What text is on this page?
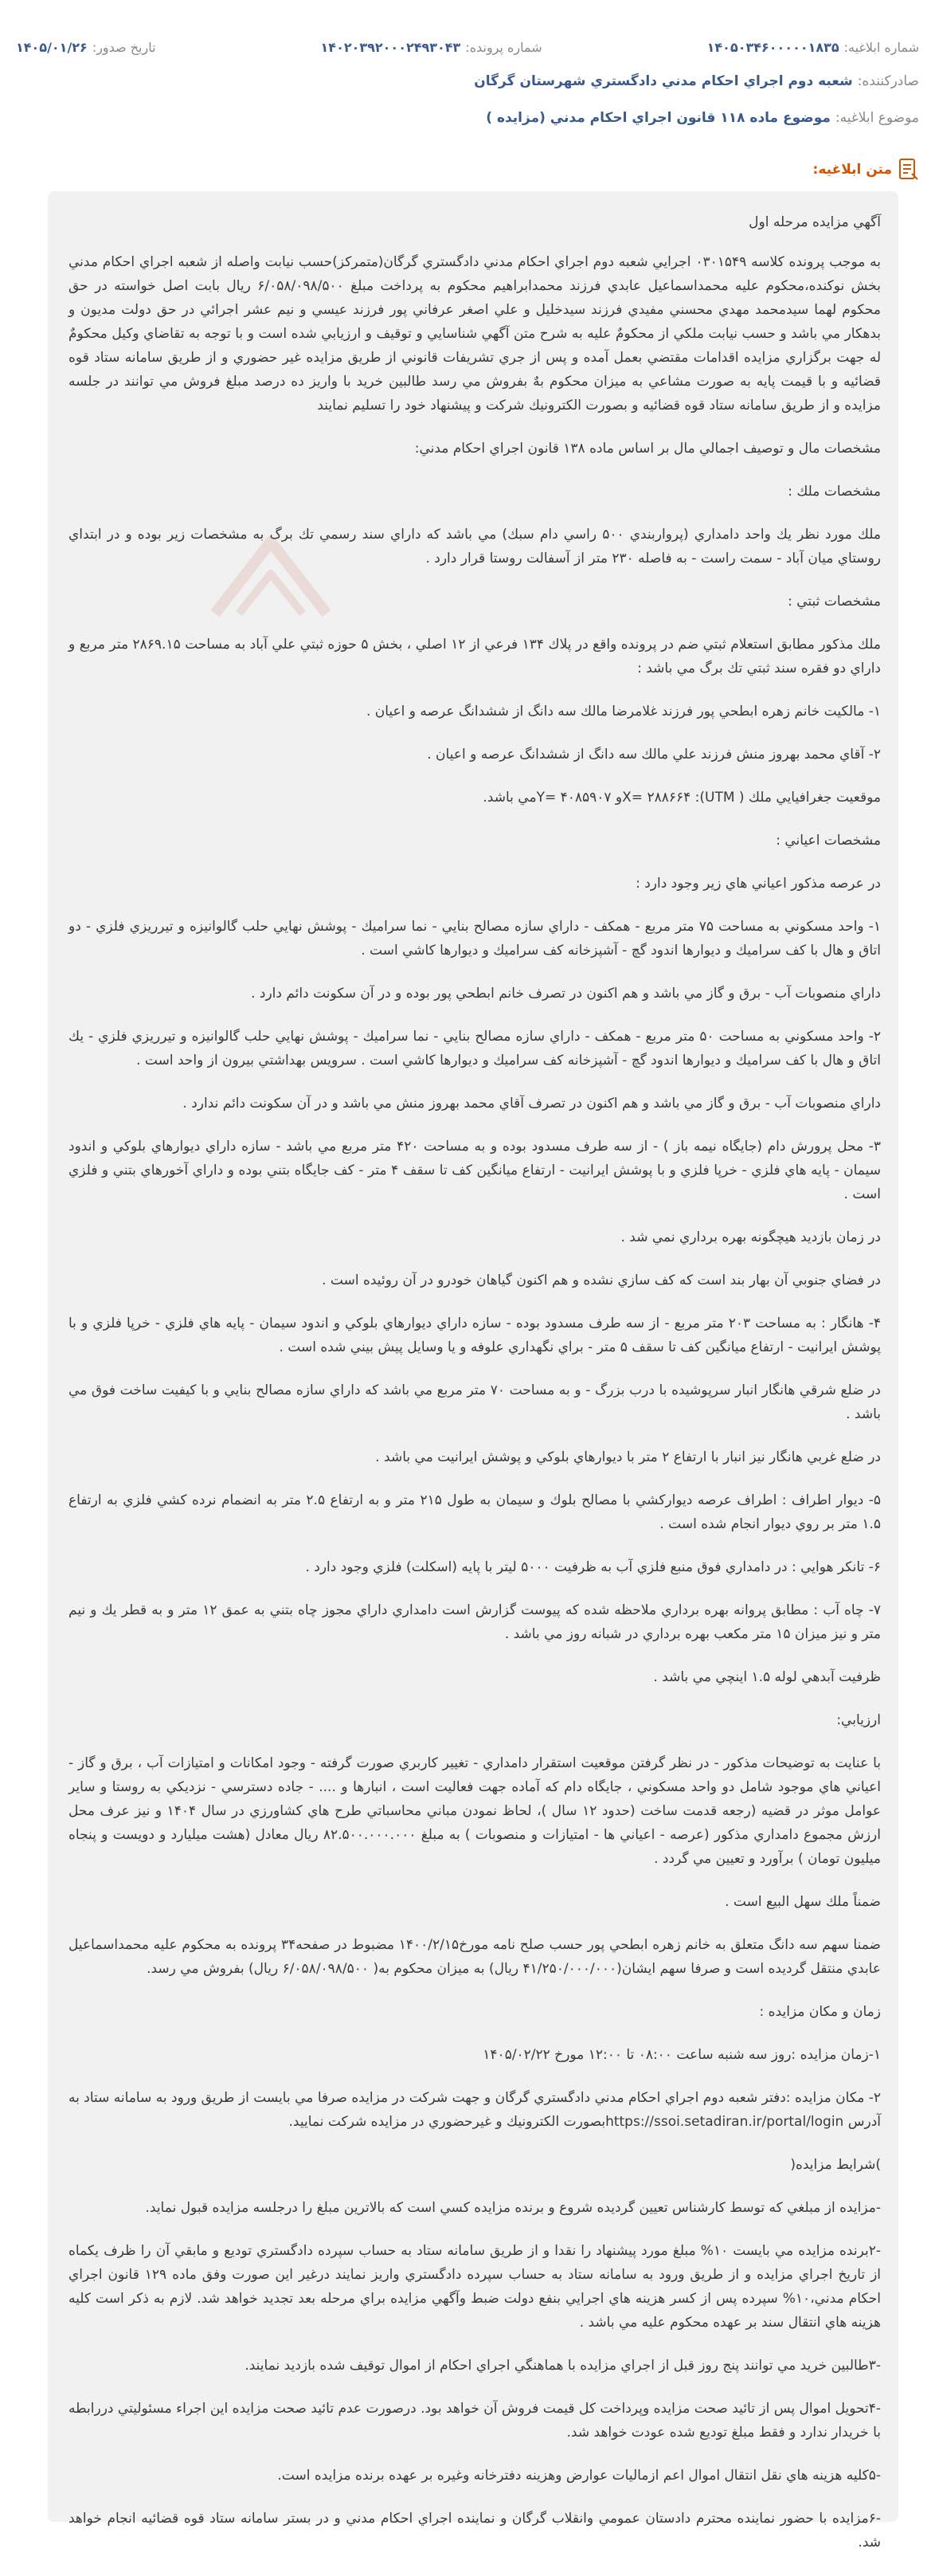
شماره ابلاغیه:۱۴۰۵۰۳۴۶۰۰۰۰۰۱۸۳۵
شماره پرونده:۱۴۰۲۰۳۹۲۰۰۰۲۴۹۳۰۴۳
تاریخ صدور:۱۴۰۵/۰۱/۲۶
صادرکننده:شعبه دوم اجراي احكام مدني دادگستري شهرستان گرگان
موضوع ابلاغیه:موضوع ماده ۱۱۸ قانون اجراي احكام مدني (مزايده )
متن ابلاغیه:

آگهي مزايده مرحله اول

به موجب پرونده کلاسه ۰۳۰۱۵۴۹ اجرايي شعبه دوم اجراي احكام مدني دادگستري گرگان(متمركز)حسب نيابت واصله از شعبه اجراي احكام مدني بخش نوكنده،محكوم عليه محمداسماعيل عابدي فرزند محمدابراهيم محكوم به پرداخت مبلغ ۶/۰۵۸/۰۹۸/۵۰۰ ريال بابت اصل خواسته در حق محكوم لهما سيدمحمد مهدي محسني مفيدي فرزند سيدخليل و علي اصغر عرفاني پور فرزند عيسي و نيم عشر اجرائي در حق دولت مديون و بدهكار مي باشد و حسب نيابت ملكي از محكومٌ عليه به شرح متن آگهي شناسايي و توقيف و ارزيابي شده است و با توجه به تقاضاي وكيل محكومٌ له جهت برگزاري مزايده اقدامات مقتضي بعمل آمده و پس از جري تشريفات قانوني از طريق مزايده غير حضوري و از طريق سامانه ستاد قوه قضائيه و با قيمت پايه به صورت مشاعي به ميزان محكوم بهٌ بفروش مي رسد طالبين خريد با واريز ده درصد مبلغ فروش مي توانند در جلسه مزايده و از طريق سامانه ستاد قوه قضائيه و بصورت الكترونيك شركت و پيشنهاد خود را تسليم نمايند

مشخصات مال و توصيف اجمالي مال بر اساس ماده ۱۳۸ قانون اجراي احكام مدني:

مشخصات ملك :

ملك مورد نظر يك واحد دامداري (پرواربندي ۵۰۰ راسي دام سبك) مي باشد كه داراي سند رسمي تك برگ به مشخصات زير بوده و در ابتداي روستاي ميان آباد - سمت راست - به فاصله ۲۳۰ متر از آسفالت روستا قرار دارد .

مشخصات ثبتي :

ملك مذكور مطابق استعلام ثبتي ضم در پرونده واقع در پلاك ۱۳۴ فرعي از ۱۲ اصلي ، بخش ۵ حوزه ثبتي علي آباد به مساحت ۲۸۶۹.۱۵ متر مربع و داراي دو فقره سند ثبتي تك برگ مي باشد :

۱- مالكيت خانم زهره ابطحي پور فرزند غلامرضا مالك سه دانگ از ششدانگ عرصه و اعيان .

۲- آقاي محمد بهروز منش فرزند علي مالك سه دانگ از ششدانگ عرصه و اعيان .

موقعيت جغرافيايي ملك ( X= ۲۸۸۶۶۴ :(UTMو ۴۰۸۵۹۰۷ =Yمي باشد.

مشخصات اعياني :

در عرصه مذكور اعياني هاي زير وجود دارد :

۱- واحد مسكوني به مساحت ۷۵ متر مربع - همكف - داراي سازه مصالح بنايي - نما سراميك - پوشش نهايي حلب گالوانيزه و تيرريزي فلزي - دو اتاق و هال با كف سراميك و ديوارها اندود گچ - آشپزخانه كف سراميك و ديوارها كاشي است .

داراي منصوبات آب - برق و گاز مي باشد و هم اكنون در تصرف خانم ابطحي پور بوده و در آن سكونت دائم دارد .

۲- واحد مسكوني به مساحت ۵۰ متر مربع - همكف - داراي سازه مصالح بنايي - نما سراميك - پوشش نهايي حلب گالوانيزه و تيرريزي فلزي - يك اتاق و هال با كف سراميك و ديوارها اندود گچ - آشپزخانه كف سراميك و ديوارها كاشي است . سرويس بهداشتي بيرون از واحد است .

داراي منصوبات آب - برق و گاز مي باشد و هم اكنون در تصرف آقاي محمد بهروز منش مي باشد و در آن سكونت دائم ندارد .

۳- محل پرورش دام (جايگاه نيمه باز ) - از سه طرف مسدود بوده و به مساحت ۴۲۰ متر مربع مي باشد - سازه داراي ديوارهاي بلوكي و اندود سيمان - پايه هاي فلزي - خرپا فلزي و با پوشش ايرانيت - ارتفاع ميانگين كف تا سقف ۴ متر - كف جايگاه بتني بوده و داراي آخورهاي بتني و فلزي است .

در زمان بازديد هيچگونه بهره برداري نمي شد .

در فضاي جنوبي آن بهار بند است كه كف سازي نشده و هم اكنون گياهان خودرو در آن روئيده است .

۴- هانگار : به مساحت ۲۰۳ متر مربع - از سه طرف مسدود بوده - سازه داراي ديوارهاي بلوكي و اندود سيمان - پايه هاي فلزي - خرپا فلزي و با پوشش ايرانيت - ارتفاع ميانگين كف تا سقف ۵ متر - براي نگهداري علوفه و يا وسايل پيش بيني شده است .

در ضلع شرقي هانگار انبار سرپوشيده با درب بزرگ - و به مساحت ۷۰ متر مربع مي باشد كه داراي سازه مصالح بنايي و با كيفيت ساخت فوق مي باشد .

در ضلع غربي هانگار نيز انبار با ارتفاع ۲ متر با ديوارهاي بلوكي و پوشش ايرانيت مي باشد .

۵- ديوار اطراف : اطراف عرصه ديواركشي با مصالح بلوك و سيمان به طول ۲۱۵ متر و به ارتفاع ۲.۵ متر به انضمام نرده كشي فلزي به ارتفاع ۱.۵ متر بر روي ديوار انجام شده است .

۶- تانكر هوايي : در دامداري فوق منبع فلزي آب به ظرفيت ۵۰۰۰ ليتر با پايه (اسكلت) فلزي وجود دارد .

۷- چاه آب : مطابق پروانه بهره برداري ملاحظه شده كه پيوست گزارش است دامداري داراي مجوز چاه بتني به عمق ۱۲ متر و به قطر يك و نيم متر و نيز ميزان ۱۵ متر مكعب بهره برداري در شبانه روز مي باشد .

ظرفيت آبدهي لوله ۱.۵ اينچي مي باشد .

ارزيابي:

با عنايت به توضيحات مذكور - در نظر گرفتن موقعيت استقرار دامداري - تغيير كاربري صورت گرفته - وجود امكانات و امتيازات آب ، برق و گاز - اعياني هاي موجود شامل دو واحد مسكوني ، جايگاه دام كه آماده جهت فعاليت است ، انبارها و .... - جاده دسترسي - نزديكي به روستا و ساير عوامل موثر در قضيه (رجعه قدمت ساخت (حدود ۱۲ سال )، لحاظ نمودن مباني محاسباتي طرح هاي كشاورزي در سال ۱۴۰۴ و نيز عرف محل ارزش مجموع دامداري مذكور (عرصه - اعياني ها - امتيازات و منصوبات ) به مبلغ ۸۲.۵۰۰.۰۰۰.۰۰۰ ريال معادل (هشت ميليارد و دويست و پنجاه ميليون تومان ) برآورد و تعيين مي گردد .

ضمناً ملك سهل البيع است .

ضمنا سهم سه دانگ متعلق به خانم زهره ابطحي پور حسب صلح نامه مورخ۱۴۰۰/۲/۱۵ مضبوط در صفحه۳۴ پرونده به محكوم عليه محمداسماعيل عابدي منتقل گرديده است و صرفا سهم ايشان(۴۱/۲۵۰/۰۰۰/۰۰۰ ريال) به ميزان محكوم به( ۶/۰۵۸/۰۹۸/۵۰۰ ريال) بفروش مي رسد.

زمان و مكان مزايده :

۱-زمان مزايده :روز سه شنبه ساعت ۰۸:۰۰ تا ۱۲:۰۰ مورخ ۱۴۰۵/۰۲/۲۲

۲- مكان مزايده :دفتر شعبه دوم اجراي احكام مدني دادگستري گرگان و جهت شركت در مزايده صرفا مي بايست از طريق ورود به سامانه ستاد به آدرس https://ssoi.setadiran.ir/portal/loginبصورت الكترونيك و غيرحضوري در مزايده شركت نماييد.

)شرايط مزايده(

-مزايده از مبلغي كه توسط كارشناس تعيين گرديده شروع و برنده مزايده كسي است كه بالاترين مبلغ را درجلسه مزايده قبول نمايد.

-۲برنده مزايده مي بايست ۱۰% مبلغ مورد پيشنهاد را نقدا و از طريق سامانه ستاد به حساب سپرده دادگستري توديع و مابقي آن را ظرف يكماه از تاريخ اجراي مزايده و از طريق ورود به سامانه ستاد به حساب سپرده دادگستري واريز نمايند درغير اين صورت وفق ماده ۱۲۹ قانون اجراي احكام مدني،۱۰% سپرده پس از كسر هزينه هاي اجرايي بنفع دولت ضبط وآگهي مزايده براي مرحله بعد تجديد خواهد شد. لازم به ذكر است كليه هزينه هاي انتقال سند بر عهده محكوم عليه مي باشد .

-۳طالبين خريد مي توانند پنج روز قبل از اجراي مزايده با هماهنگي اجراي احكام از اموال توقيف شده بازديد نمايند.

-۴تحويل اموال پس از تائيد صحت مزايده وپرداخت كل قيمت فروش آن خواهد بود. درصورت عدم تائيد صحت مزايده اين اجراء مسئوليتي دررابطه با خريدار ندارد و فقط مبلغ توديع شده عودت خواهد شد.

-۵كليه هزينه هاي نقل انتقال اموال اعم ازماليات عوارض وهزينه دفترخانه وغيره بر عهده برنده مزايده است.

-۶مزايده با حضور نماينده محترم دادستان عمومي وانقلاب گرگان و نماينده اجراي احكام مدني و در بستر سامانه ستاد قوه قضائيه انجام خواهد شد.
